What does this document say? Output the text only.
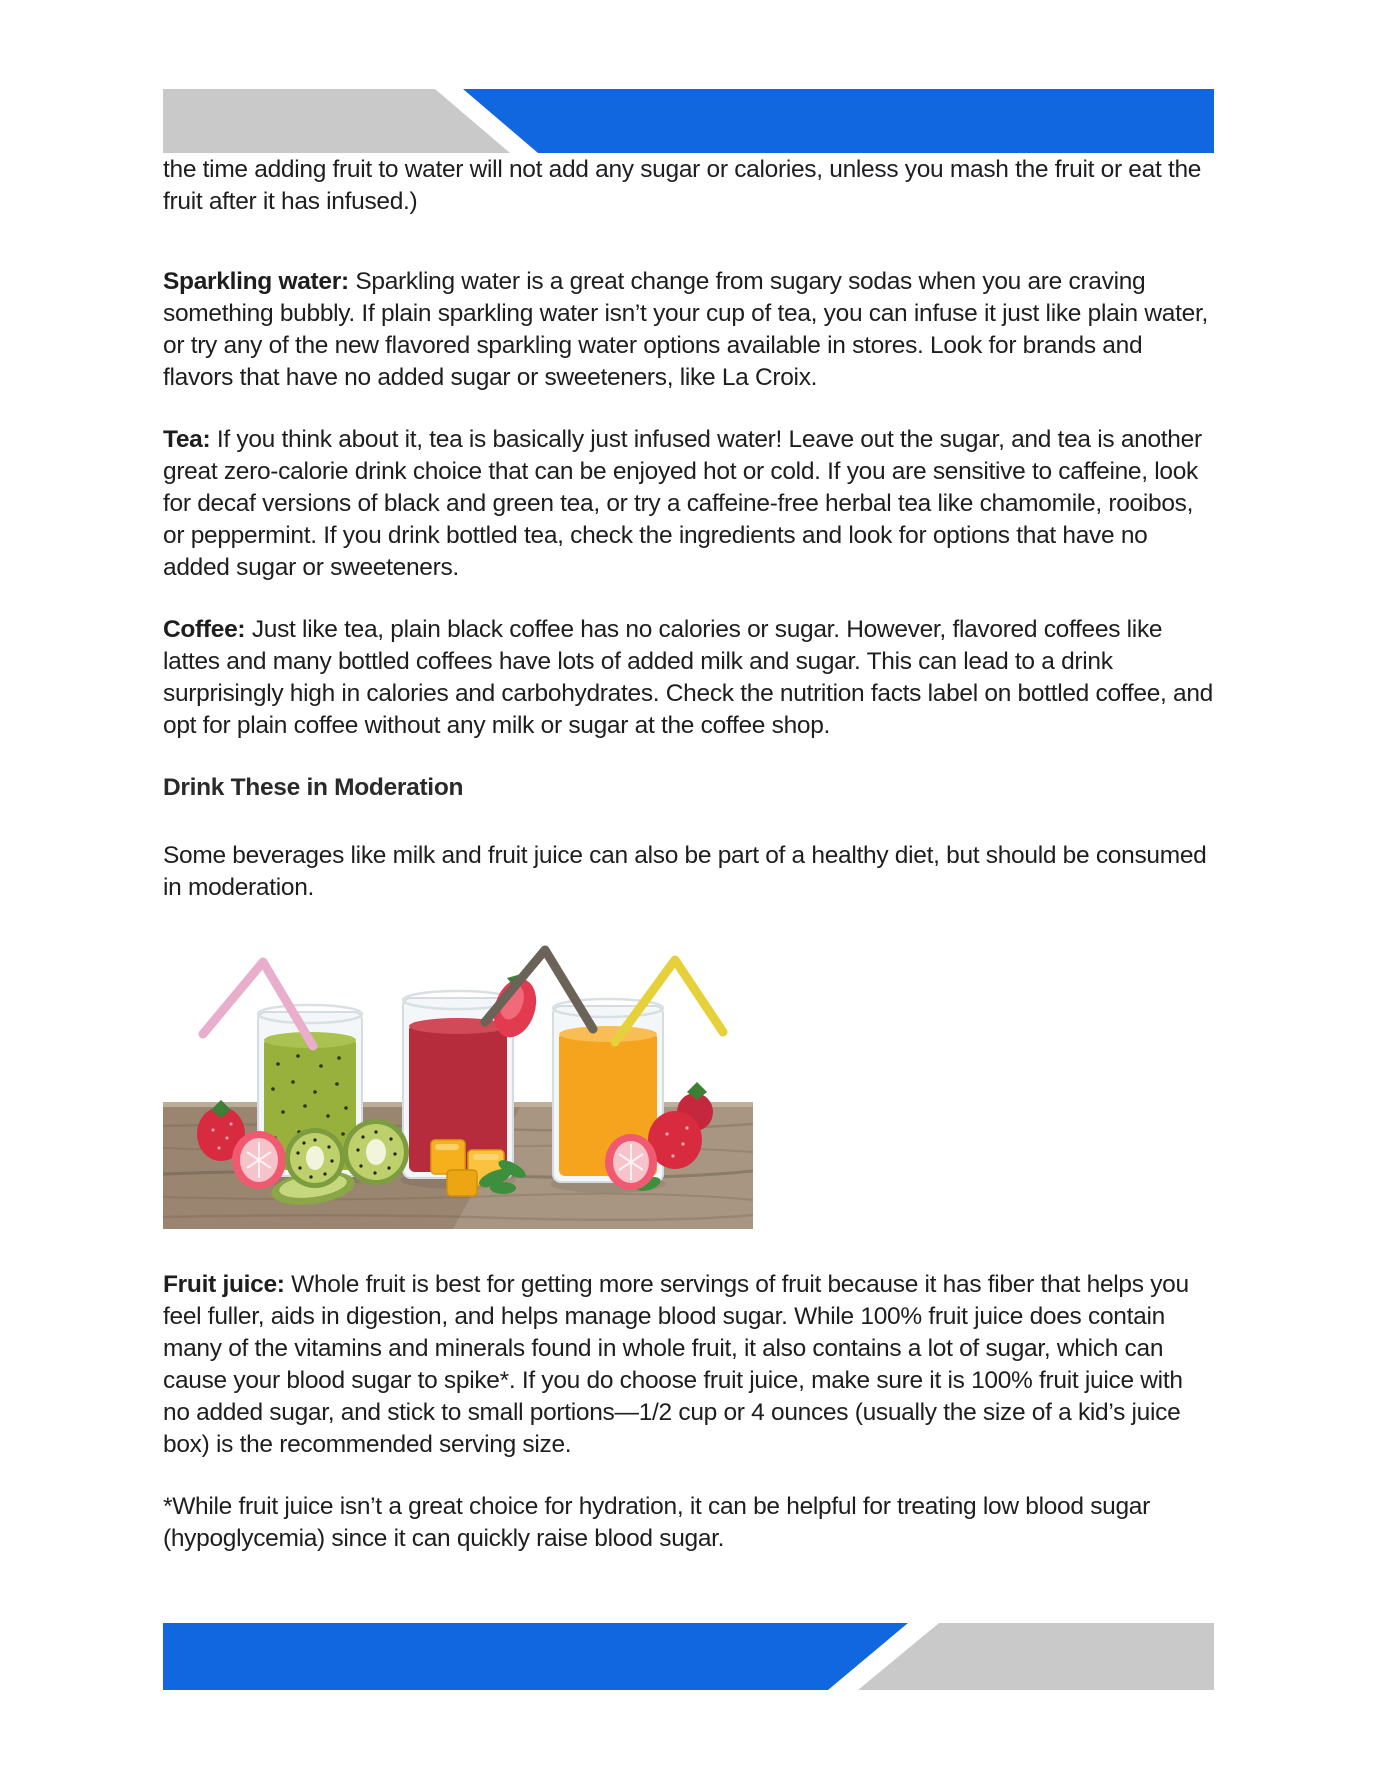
the time adding fruit to water will not add any sugar or calories, unless you mash the fruit or eat the fruit after it has infused.)

Sparkling water: Sparkling water is a great change from sugary sodas when you are craving something bubbly. If plain sparkling water isn’t your cup of tea, you can infuse it just like plain water, or try any of the new flavored sparkling water options available in stores. Look for brands and flavors that have no added sugar or sweeteners, like La Croix.

Tea: If you think about it, tea is basically just infused water! Leave out the sugar, and tea is another great zero-calorie drink choice that can be enjoyed hot or cold. If you are sensitive to caffeine, look for decaf versions of black and green tea, or try a caffeine-free herbal tea like chamomile, rooibos, or peppermint. If you drink bottled tea, check the ingredients and look for options that have no added sugar or sweeteners.

Coffee: Just like tea, plain black coffee has no calories or sugar. However, flavored coffees like lattes and many bottled coffees have lots of added milk and sugar. This can lead to a drink surprisingly high in calories and carbohydrates. Check the nutrition facts label on bottled coffee, and opt for plain coffee without any milk or sugar at the coffee shop.

Drink These in Moderation

Some beverages like milk and fruit juice can also be part of a healthy diet, but should be consumed in moderation.

Fruit juice: Whole fruit is best for getting more servings of fruit because it has fiber that helps you feel fuller, aids in digestion, and helps manage blood sugar. While 100% fruit juice does contain many of the vitamins and minerals found in whole fruit, it also contains a lot of sugar, which can cause your blood sugar to spike*. If you do choose fruit juice, make sure it is 100% fruit juice with no added sugar, and stick to small portions—1/2 cup or 4 ounces (usually the size of a kid’s juice box) is the recommended serving size.

*While fruit juice isn’t a great choice for hydration, it can be helpful for treating low blood sugar (hypoglycemia) since it can quickly raise blood sugar.
